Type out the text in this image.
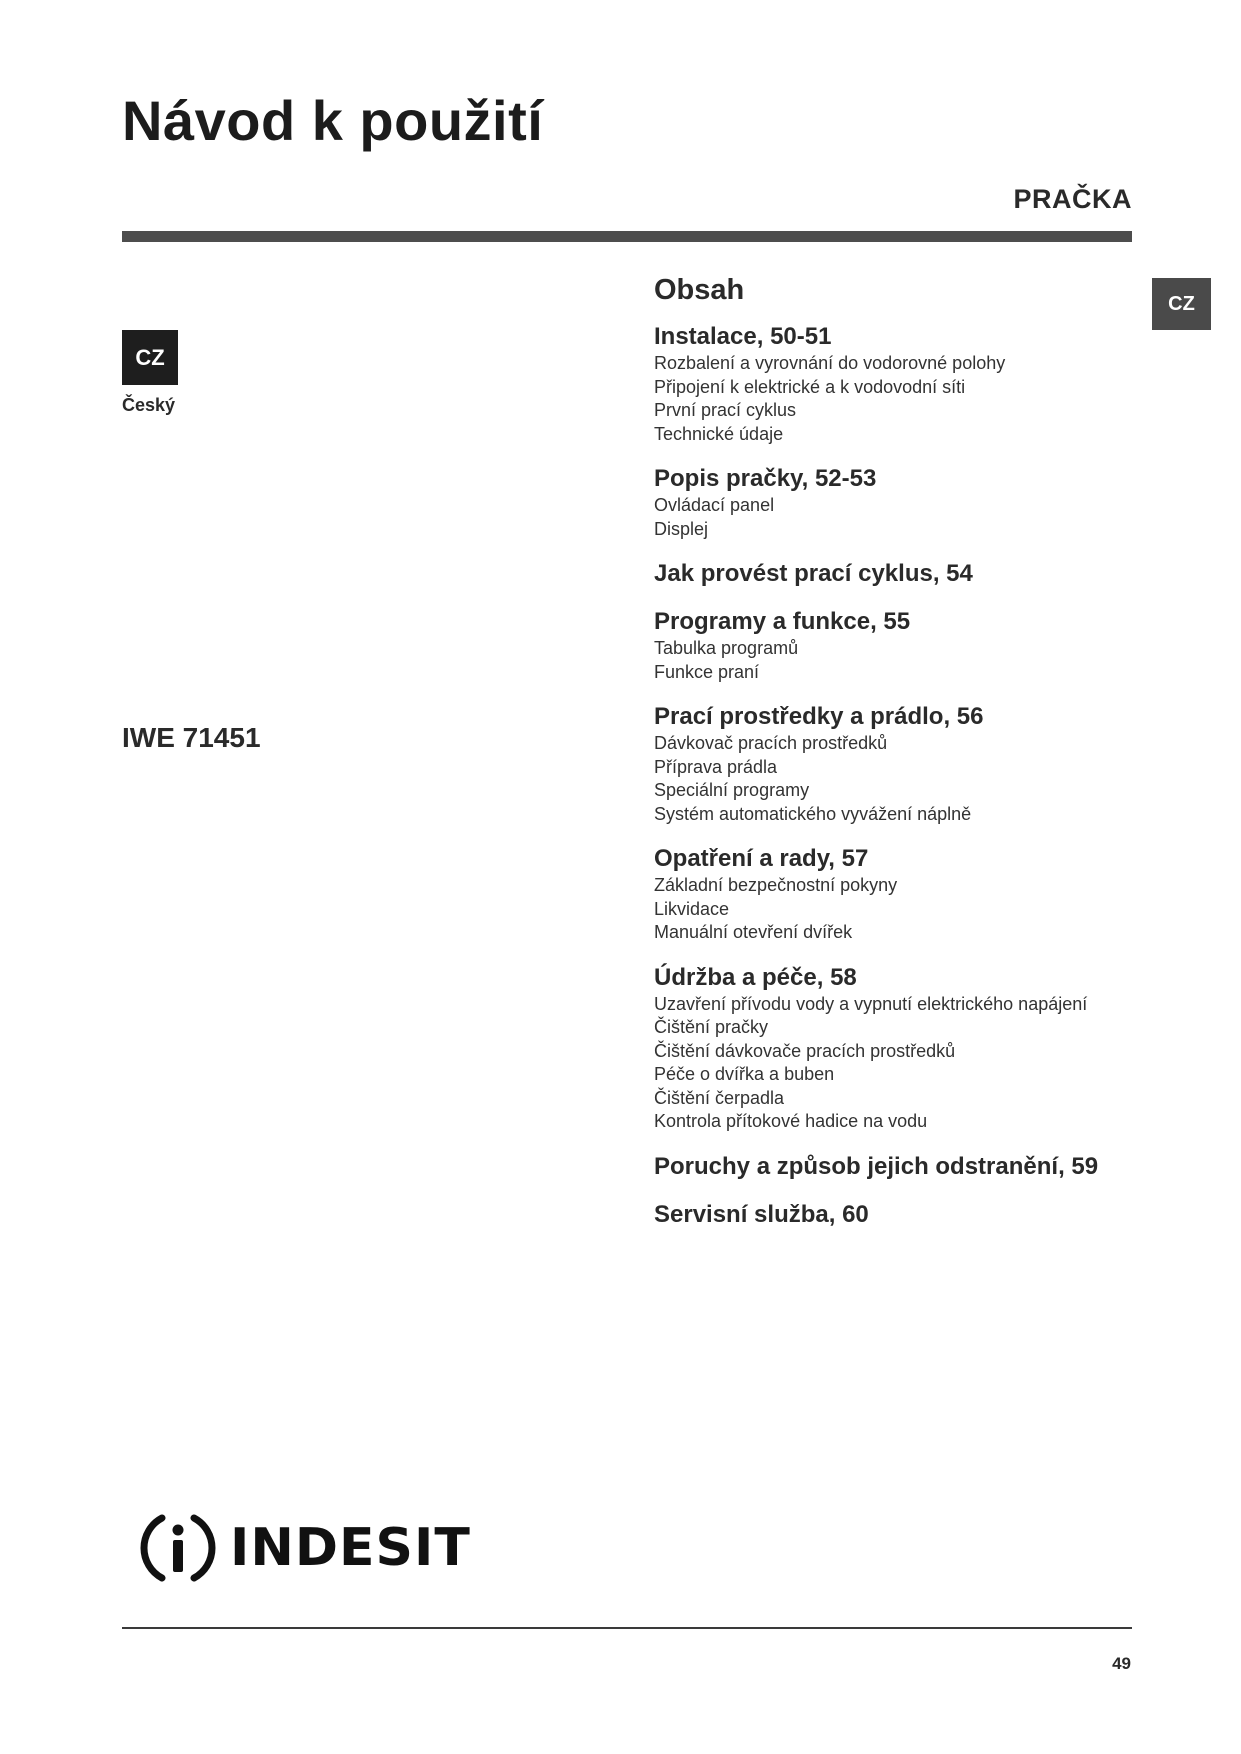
Návod k použití
PRAČKA
CZ
CZ
Český
IWE 71451
Obsah
Instalace, 50-51
Rozbalení a vyrovnání do vodorovné polohy
Připojení k elektrické a k vodovodní síti
První prací cyklus
Technické údaje
Popis pračky, 52-53
Ovládací panel
Displej
Jak provést prací cyklus, 54
Programy a funkce, 55
Tabulka programů
Funkce praní
Prací prostředky a prádlo, 56
Dávkovač pracích prostředků
Příprava prádla
Speciální programy
Systém automatického vyvážení náplně
Opatření a rady, 57
Základní bezpečnostní pokyny
Likvidace
Manuální otevření dvířek
Údržba a péče, 58
Uzavření přívodu vody a vypnutí elektrického napájení
Čištění pračky
Čištění dávkovače pracích prostředků
Péče o dvířka a buben
Čištění čerpadla
Kontrola přítokové hadice na vodu
Poruchy a způsob jejich odstranění, 59
Servisní služba, 60
INDESIT
49
